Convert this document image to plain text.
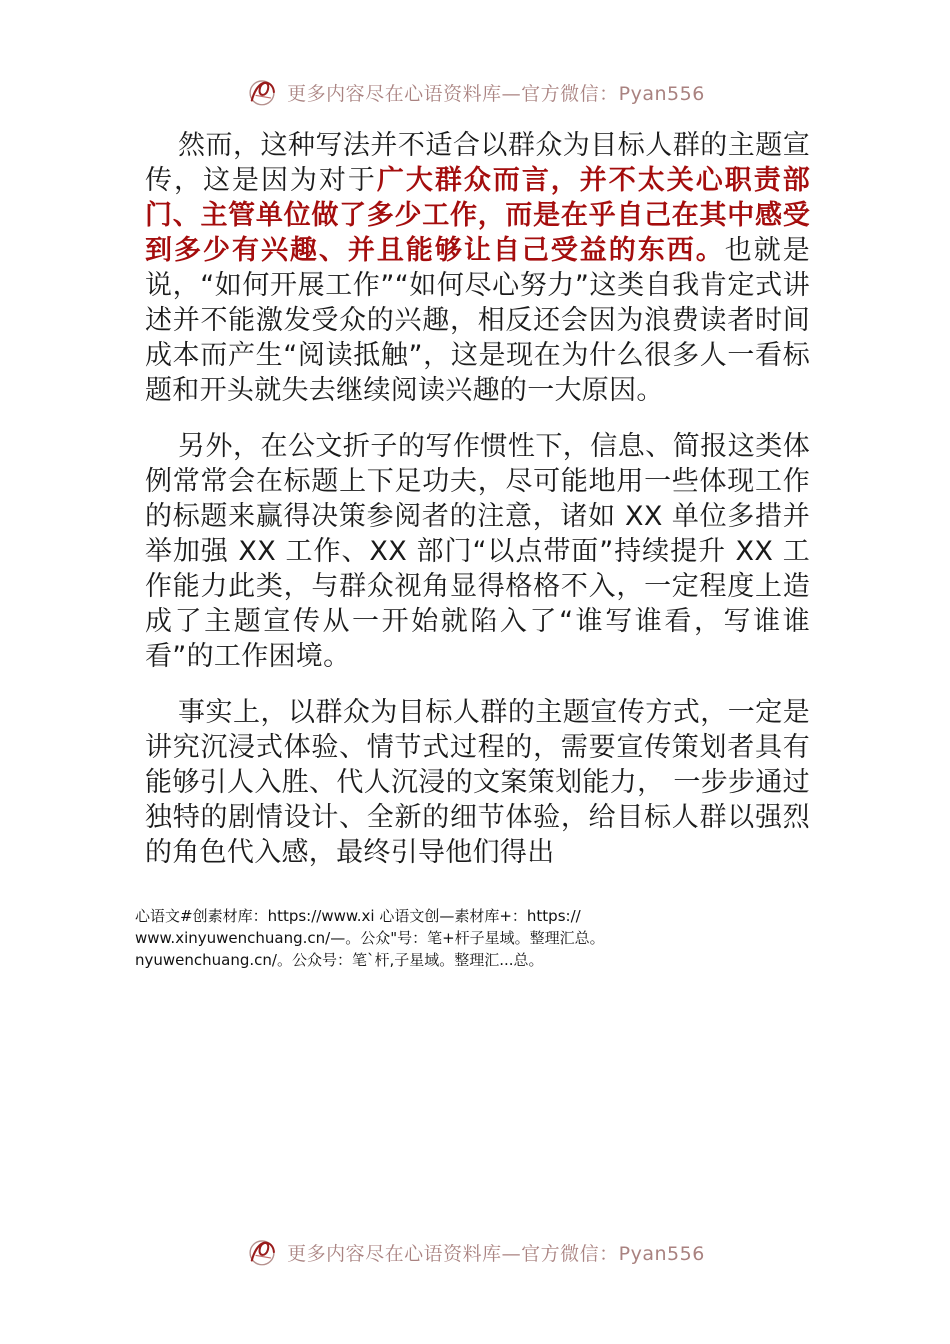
更多内容尽在心语资料库—官方微信：Pyan556

然而，这种写法并不适合以群众为目标人群的主题宣传，这是因为对于广大群众而言，并不太关心职责部门、主管单位做了多少工作，而是在乎自己在其中感受到多少有兴趣、并且能够让自己受益的东西。也就是说，“如何开展工作”“如何尽心努力”这类自我肯定式讲述并不能激发受众的兴趣，相反还会因为浪费读者时间成本而产生“阅读抵触”，这是现在为什么很多人一看标题和开头就失去继续阅读兴趣的一大原因。

另外，在公文折子的写作惯性下，信息、简报这类体例常常会在标题上下足功夫，尽可能地用一些体现工作的标题来赢得决策参阅者的注意，诸如 XX 单位多措并举加强 XX 工作、XX 部门“以点带面”持续提升 XX 工作能力此类，与群众视角显得格格不入，一定程度上造成了主题宣传从一开始就陷入了“谁写谁看，写谁谁看”的工作困境。

事实上，以群众为目标人群的主题宣传方式，一定是讲究沉浸式体验、情节式过程的，需要宣传策划者具有能够引人入胜、代人沉浸的文案策划能力， 一步步通过独特的剧情设计、全新的细节体验，给目标人群以强烈的角色代入感，最终引导他们得出

心语文#创素材库：https://www.xi 心语文创—素材库+：https://
www.xinyuwenchuang.cn/—。公众"号：笔+杆子星域。整理汇总。
nyuwenchuang.cn/。公众号：笔`杆,子星域。整理汇...总。
更多内容尽在心语资料库—官方微信：Pyan556
